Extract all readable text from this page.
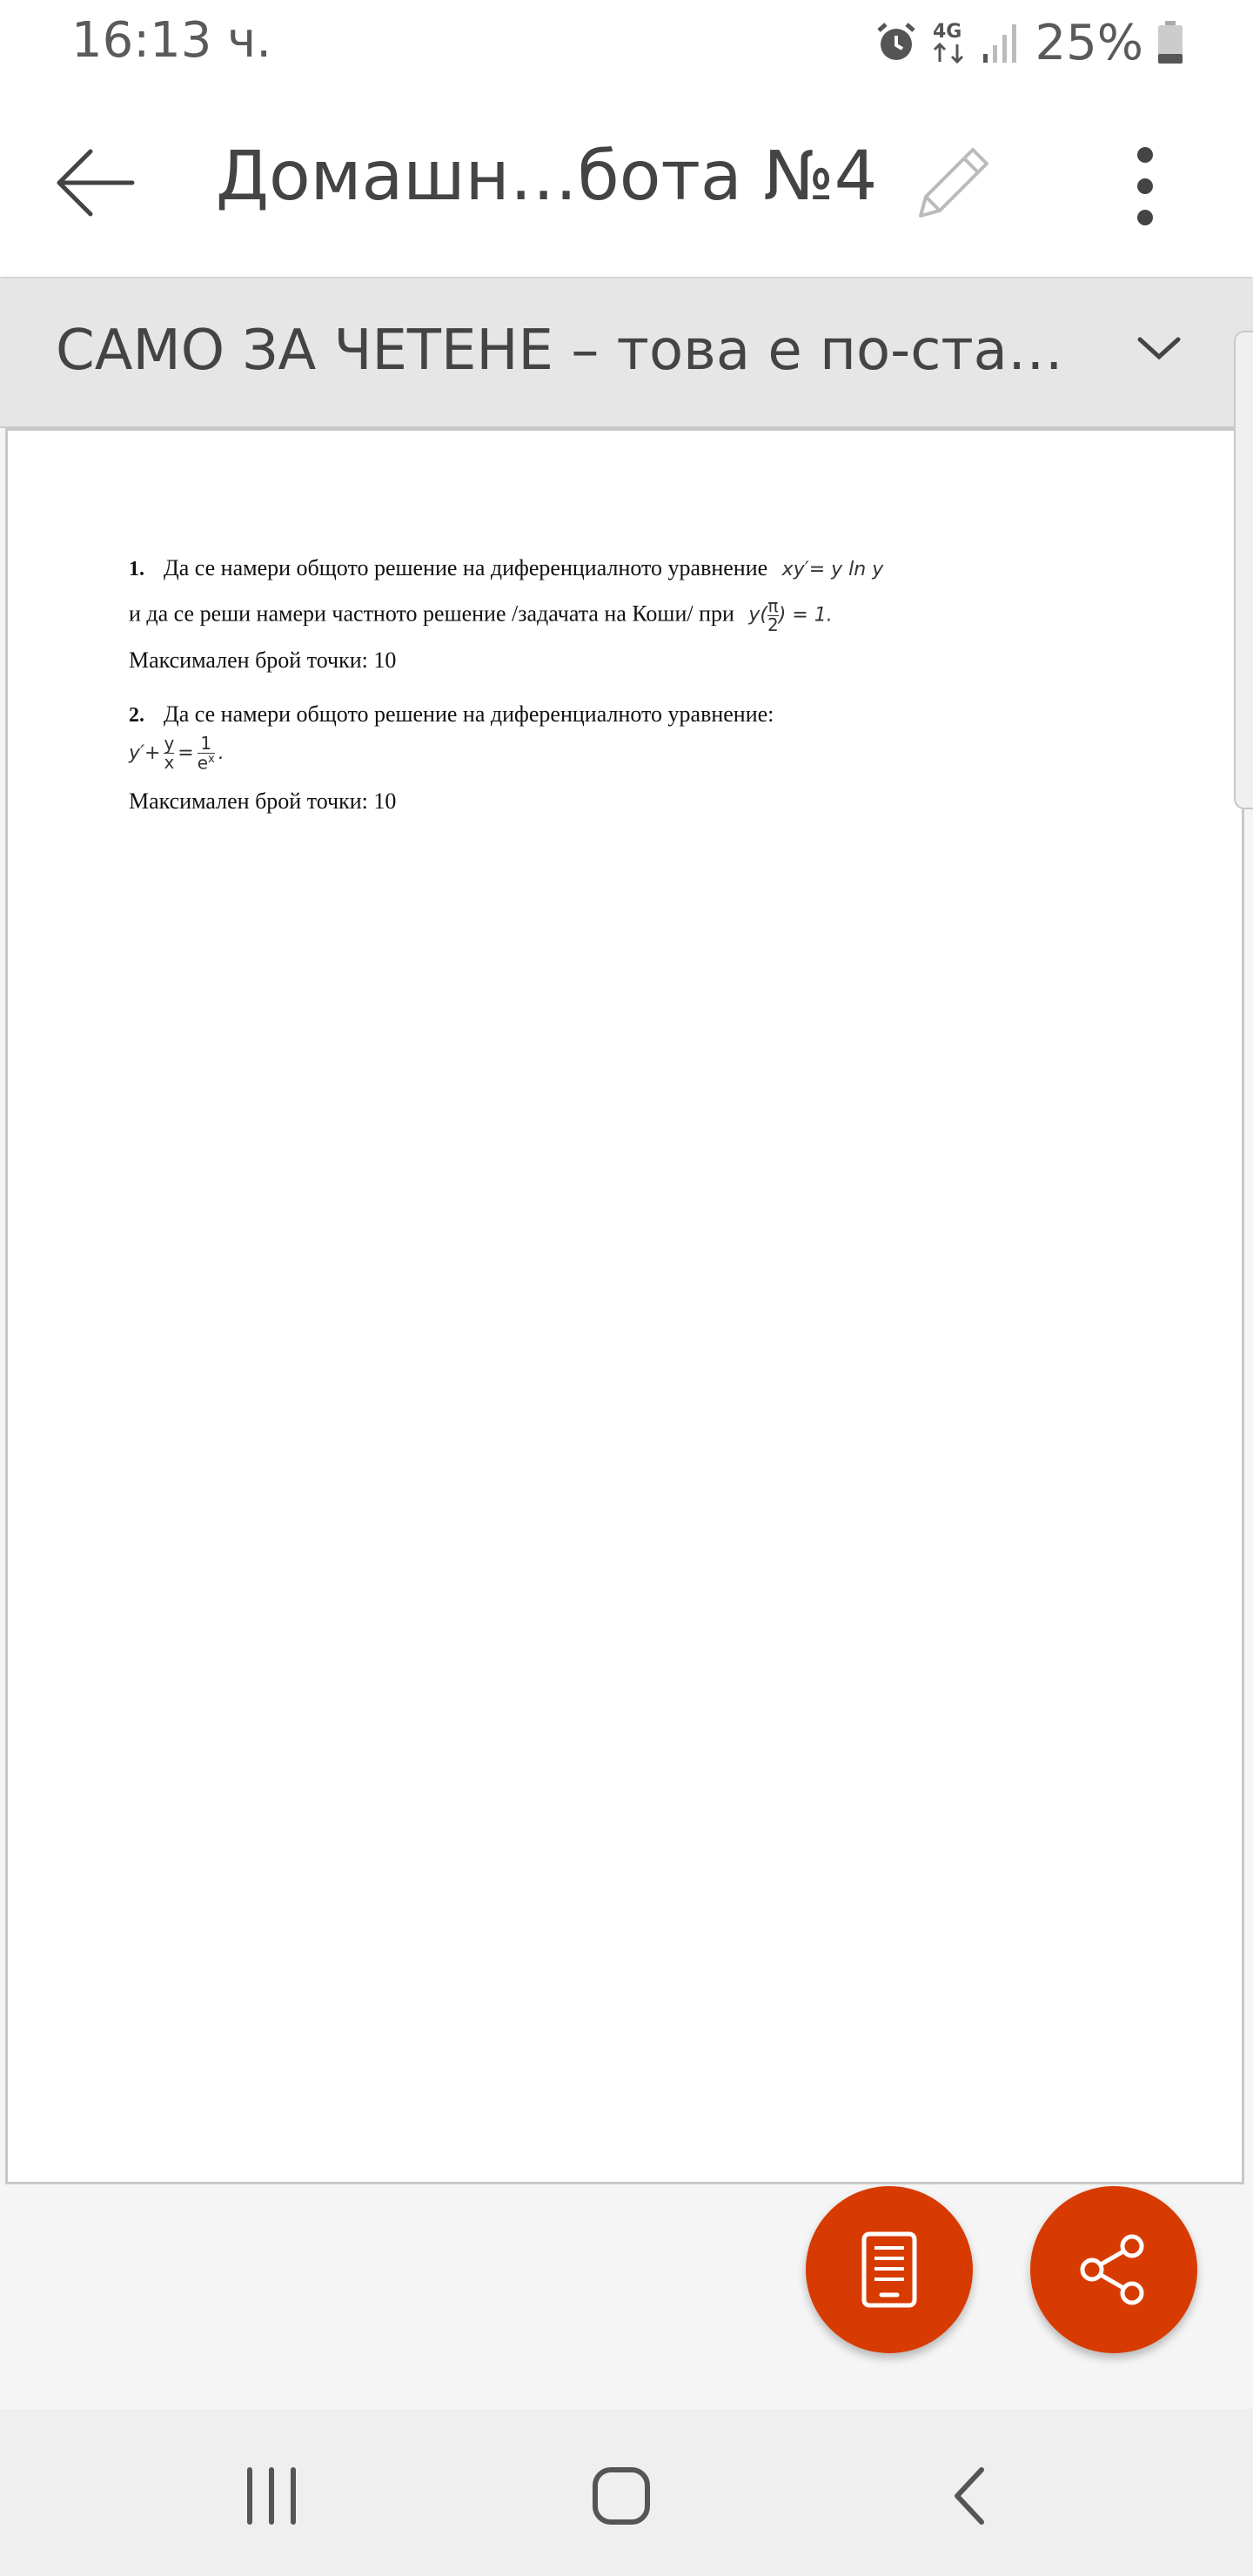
16:13 ч.	4G 25%
Домашн…бота №4
САМО ЗА ЧЕТЕНЕ – това е по-ста…
1. Да се намери общото решение на диференциалното уравнение xy′= y ln y
и да се реши намери частното решение /задачата на Коши/ при $y( \frac{\pi}{2}$ ) = 1.
Максимален брой точки: 10
2. Да се намери общото решение на диференциалното уравнение:
$y'+ \frac{y}{x} = \frac{1}{e^x}$ .
Максимален брой точки: 10
